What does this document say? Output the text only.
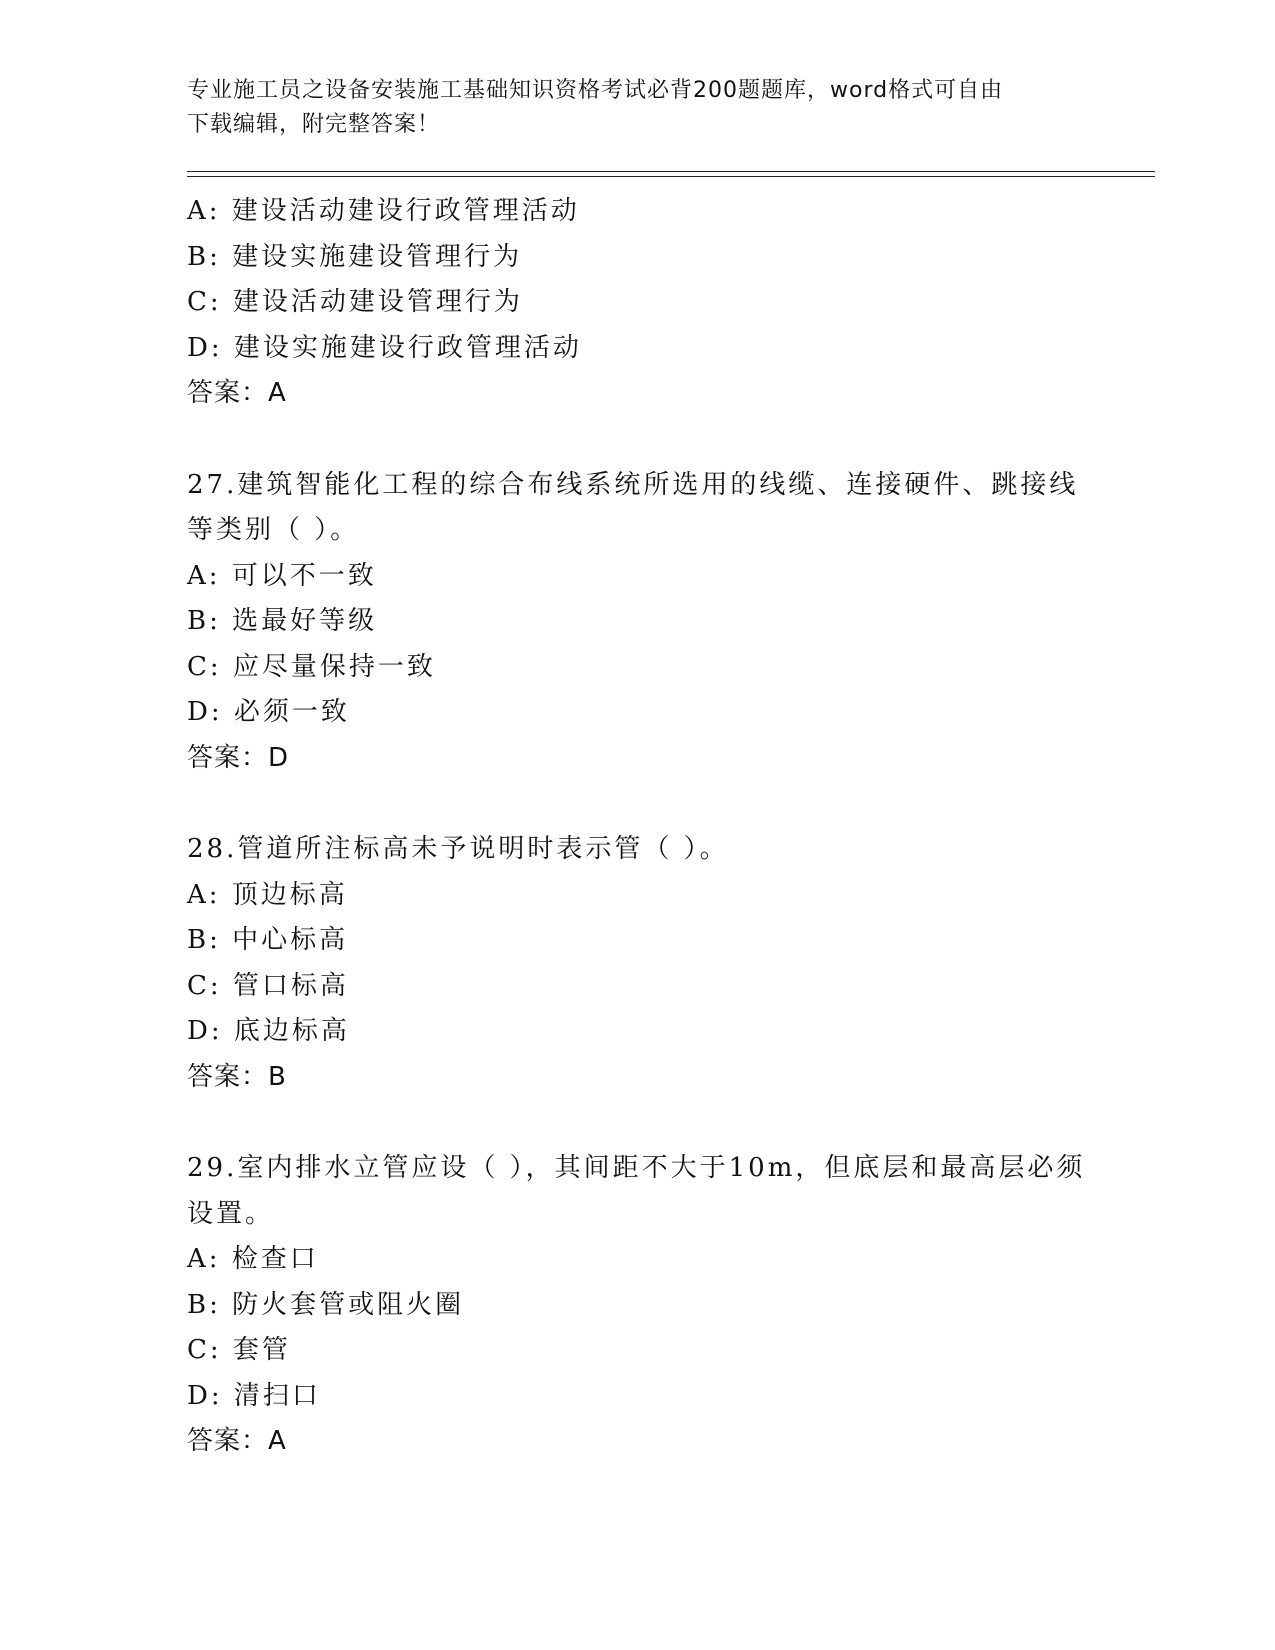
专业施工员之设备安装施工基础知识资格考试必背200题题库，word格式可自由
下载编辑，附完整答案！
A: 建设活动建设行政管理活动
B: 建设实施建设管理行为
C: 建设活动建设管理行为
D: 建设实施建设行政管理活动
答案：A
27.建筑智能化工程的综合布线系统所选用的线缆、连接硬件、跳接线
等类别（ ）。
A: 可以不一致
B: 选最好等级
C: 应尽量保持一致
D: 必须一致
答案：D
28.管道所注标高未予说明时表示管（ ）。
A: 顶边标高
B: 中心标高
C: 管口标高
D: 底边标高
答案：B
29.室内排水立管应设（ ），其间距不大于10m，但底层和最高层必须
设置。
A: 检查口
B: 防火套管或阻火圈
C: 套管
D: 清扫口
答案：A
